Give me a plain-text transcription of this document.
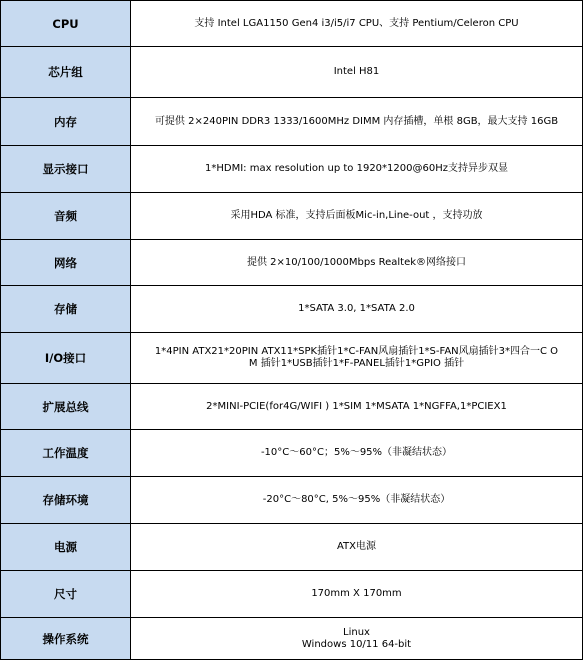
CPU	支持 Intel LGA1150 Gen4 i3/i5/i7 CPU、支持 Pentium/Celeron CPU

芯片组	Intel H81

内存	可提供 2×240PIN DDR3 1333/1600MHz DIMM 内存插槽，单根 8GB，最大支持 16GB

显示接口	1*HDMI: max resolution up to 1920*1200@60Hz支持异步双显

音频	采用HDA 标准，支持后面板Mic-in,Line-out ，支持功放

网络	提供 2×10/100/1000Mbps Realtek®网络接口

存储	1*SATA 3.0, 1*SATA 2.0

I/O接口	1*4PIN ATX21*20PIN ATX11*SPK插针1*C-FAN风扇插针1*S-FAN风扇插针3*四合一C O
M 插针1*USB插针1*F-PANEL插针1*GPIO 插针

扩展总线	2*MINI-PCIE(for4G/WIFI ) 1*SIM 1*MSATA 1*NGFFA,1*PCIEX1

工作温度	-10°C～60°C；5%～95%（非凝结状态）

存储环境	-20°C～80°C, 5%～95%（非凝结状态）

电源	ATX电源

尺寸	170mm X 170mm

操作系统	Linux
Windows 10/11 64-bit
